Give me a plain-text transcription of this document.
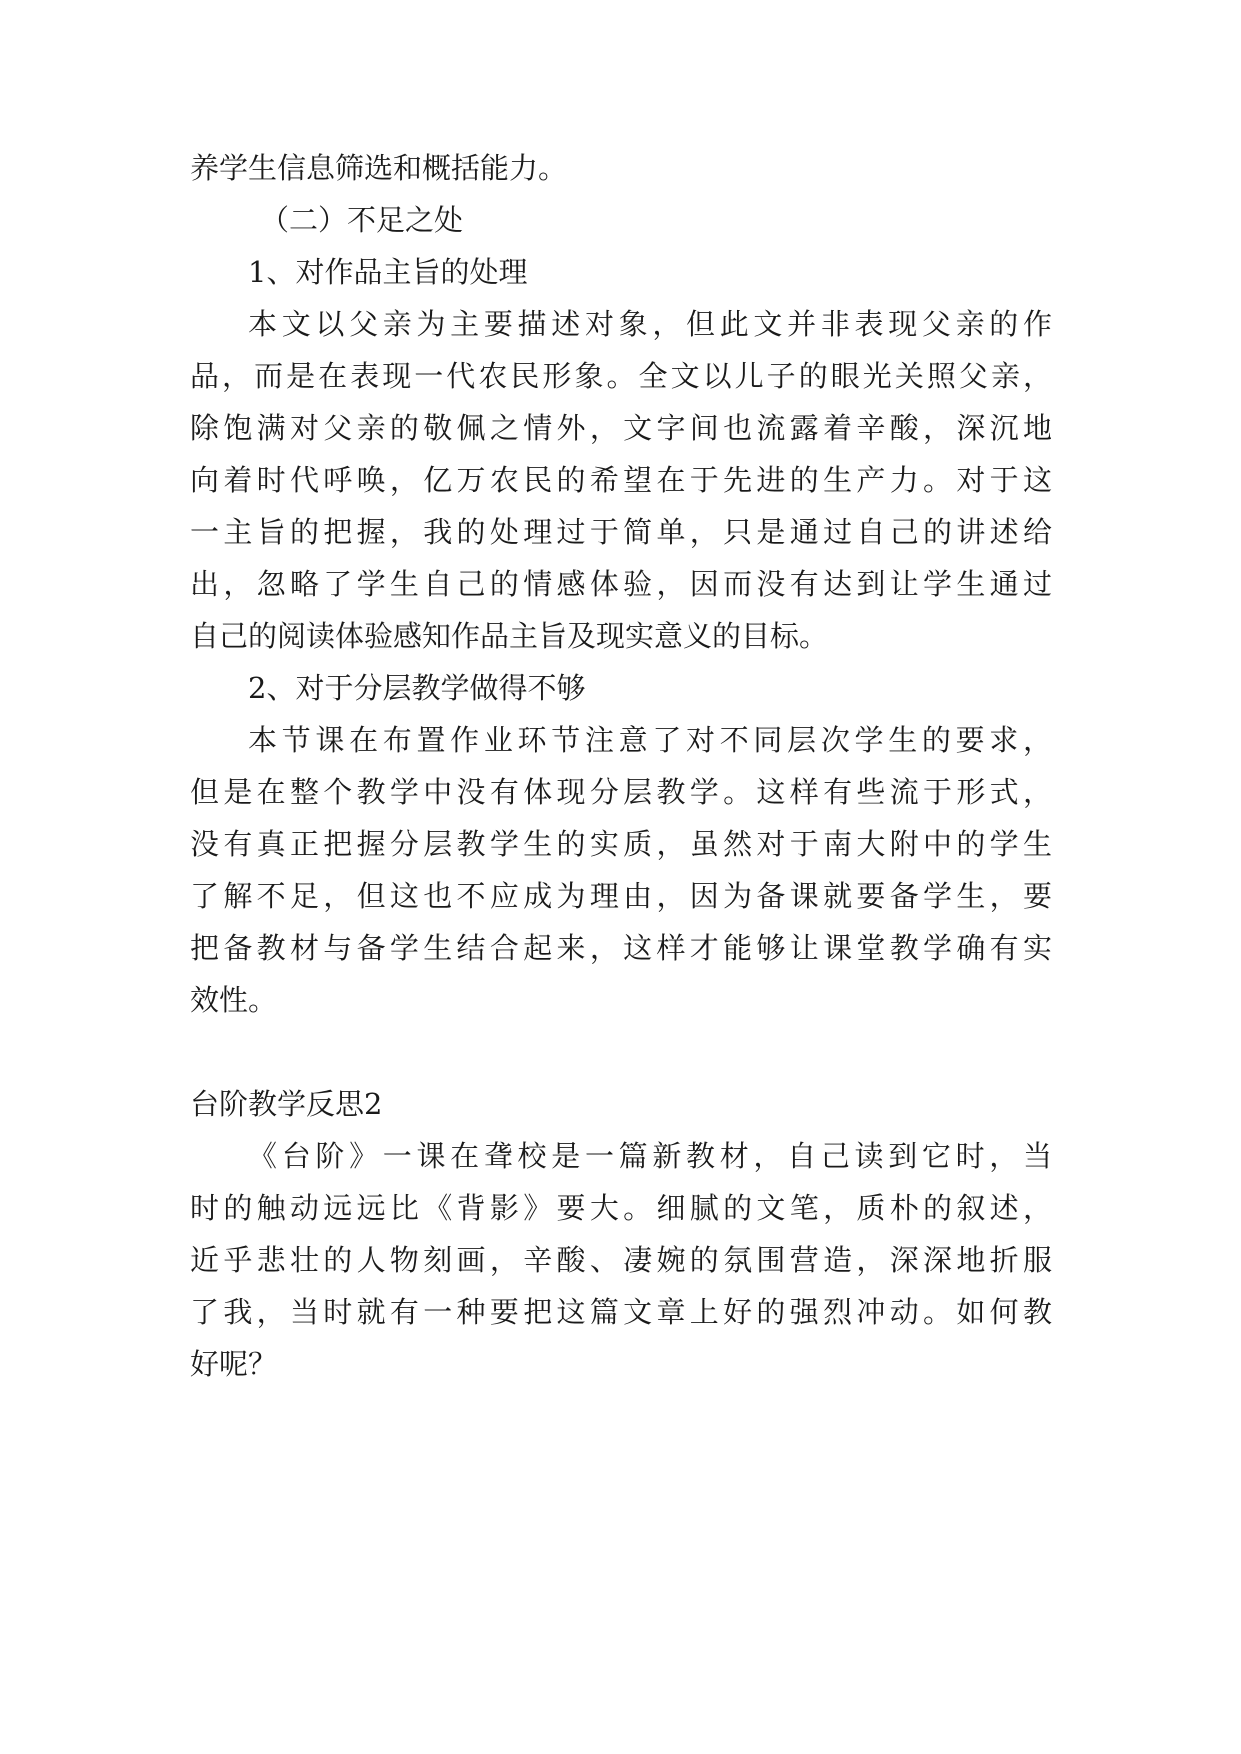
养学生信息筛选和概括能力。
（二）不足之处
1、对作品主旨的处理
本文以父亲为主要描述对象，但此文并非表现父亲的作
品，而是在表现一代农民形象。全文以儿子的眼光关照父亲，
除饱满对父亲的敬佩之情外，文字间也流露着辛酸，深沉地
向着时代呼唤，亿万农民的希望在于先进的生产力。对于这
一主旨的把握，我的处理过于简单，只是通过自己的讲述给
出，忽略了学生自己的情感体验，因而没有达到让学生通过
自己的阅读体验感知作品主旨及现实意义的目标。
2、对于分层教学做得不够
本节课在布置作业环节注意了对不同层次学生的要求，
但是在整个教学中没有体现分层教学。这样有些流于形式，
没有真正把握分层教学生的实质，虽然对于南大附中的学生
了解不足，但这也不应成为理由，因为备课就要备学生，要
把备教材与备学生结合起来，这样才能够让课堂教学确有实
效性。
台阶教学反思2
《台阶》一课在聋校是一篇新教材，自己读到它时，当
时的触动远远比《背影》要大。细腻的文笔，质朴的叙述，
近乎悲壮的人物刻画，辛酸、凄婉的氛围营造，深深地折服
了我，当时就有一种要把这篇文章上好的强烈冲动。如何教
好呢？
